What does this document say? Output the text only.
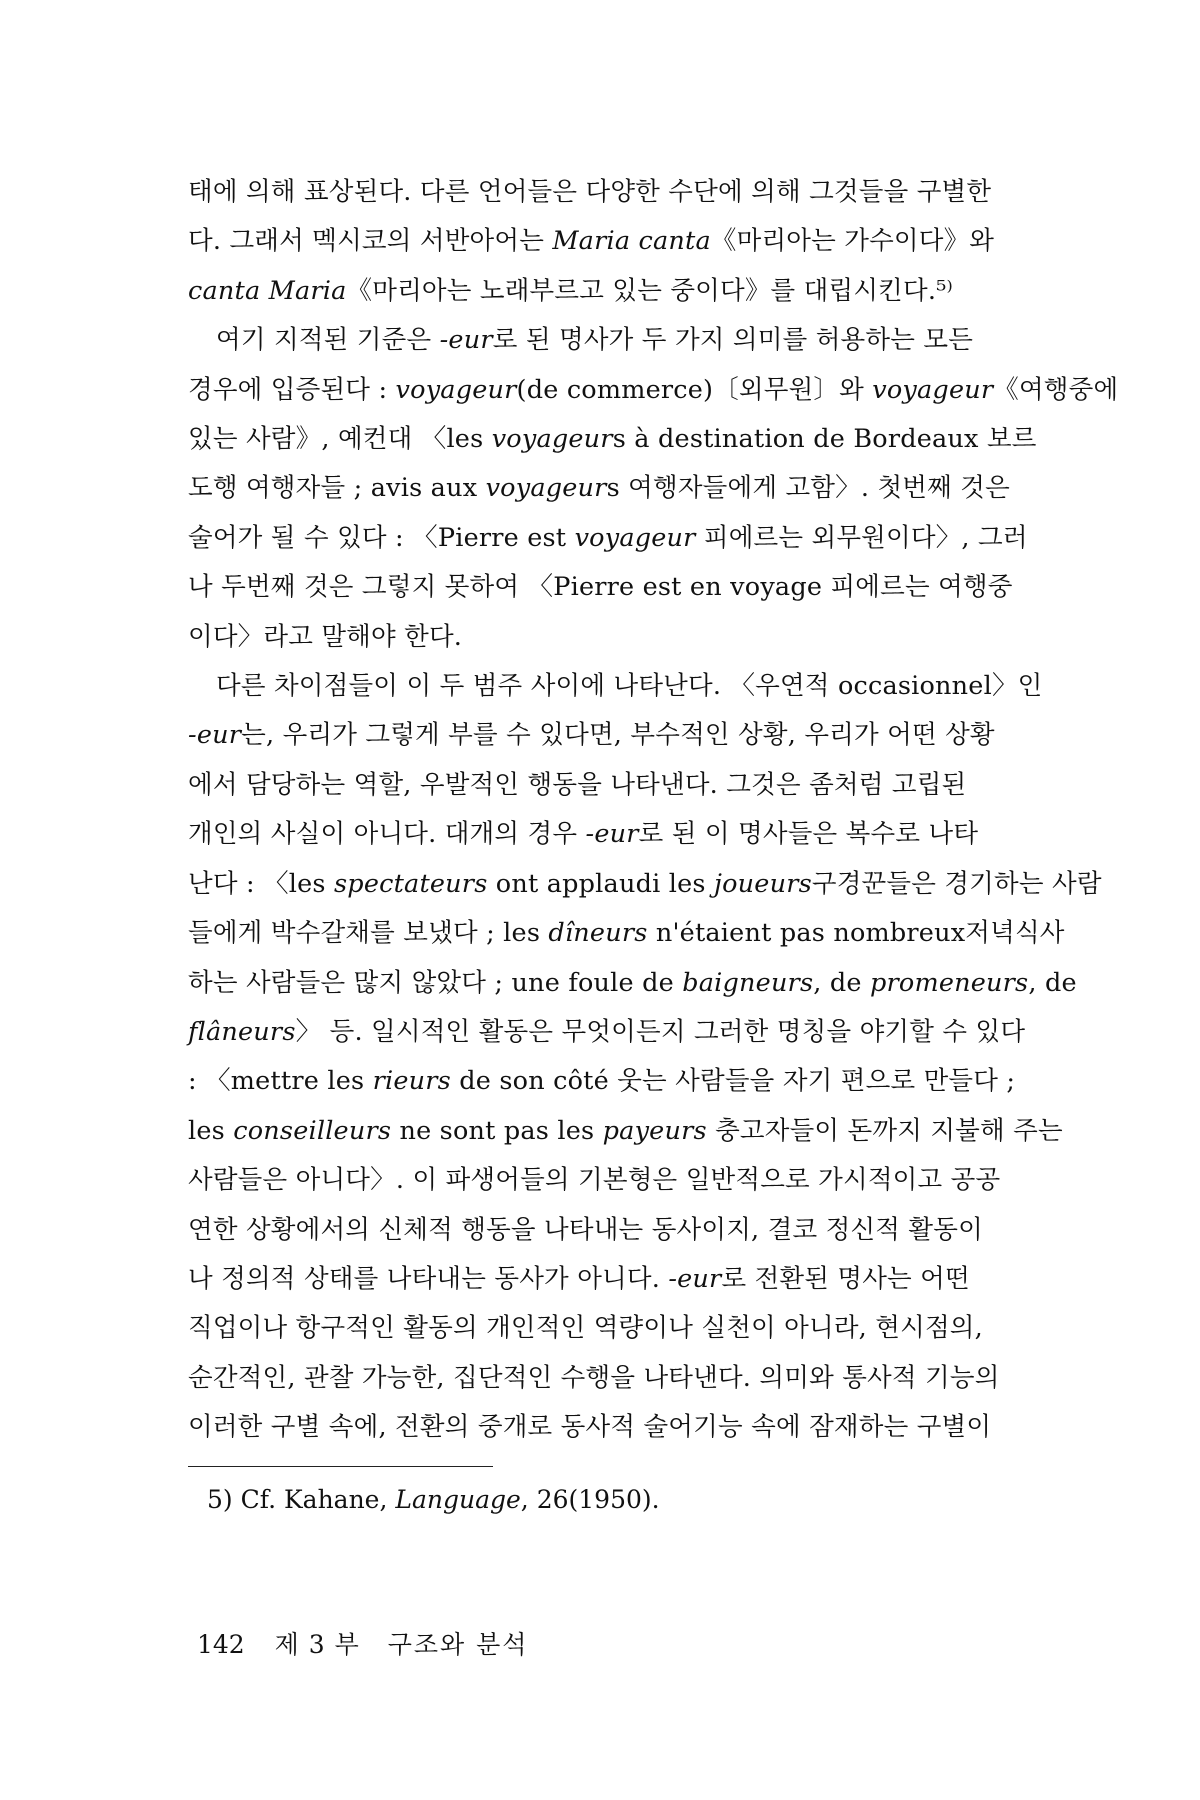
태에 의해 표상된다. 다른 언어들은 다양한 수단에 의해 그것들을 구별한
다. 그래서 멕시코의 서반아어는 Maria canta《마리아는 가수이다》와
canta Maria《마리아는 노래부르고 있는 중이다》를 대립시킨다.⁵⁾
여기 지적된 기준은 -eur로 된 명사가 두 가지 의미를 허용하는 모든
경우에 입증된다 : voyageur(de commerce)〔외무원〕와 voyageur《여행중에
있는 사람》, 예컨대 〈les voyageurs à destination de Bordeaux 보르
도행 여행자들 ; avis aux voyageurs 여행자들에게 고함〉. 첫번째 것은
술어가 될 수 있다 : 〈Pierre est voyageur 피에르는 외무원이다〉, 그러
나 두번째 것은 그렇지 못하여 〈Pierre est en voyage 피에르는 여행중
이다〉라고 말해야 한다.
다른 차이점들이 이 두 범주 사이에 나타난다. 〈우연적 occasionnel〉인
-eur는, 우리가 그렇게 부를 수 있다면, 부수적인 상황, 우리가 어떤 상황
에서 담당하는 역할, 우발적인 행동을 나타낸다. 그것은 좀처럼 고립된
개인의 사실이 아니다. 대개의 경우 -eur로 된 이 명사들은 복수로 나타
난다 : 〈les spectateurs ont applaudi les joueurs구경꾼들은 경기하는 사람
들에게 박수갈채를 보냈다 ; les dîneurs n'étaient pas nombreux저녁식사
하는 사람들은 많지 않았다 ; une foule de baigneurs, de promeneurs, de
flâneurs〉 등. 일시적인 활동은 무엇이든지 그러한 명칭을 야기할 수 있다
: 〈mettre les rieurs de son côté 웃는 사람들을 자기 편으로 만들다 ;
les conseilleurs ne sont pas les payeurs 충고자들이 돈까지 지불해 주는
사람들은 아니다〉. 이 파생어들의 기본형은 일반적으로 가시적이고 공공
연한 상황에서의 신체적 행동을 나타내는 동사이지, 결코 정신적 활동이
나 정의적 상태를 나타내는 동사가 아니다. -eur로 전환된 명사는 어떤
직업이나 항구적인 활동의 개인적인 역량이나 실천이 아니라, 현시점의,
순간적인, 관찰 가능한, 집단적인 수행을 나타낸다. 의미와 통사적 기능의
이러한 구별 속에, 전환의 중개로 동사적 술어기능 속에 잠재하는 구별이
5) Cf. Kahane, Language, 26(1950).
142 제 3 부 구조와 분석
